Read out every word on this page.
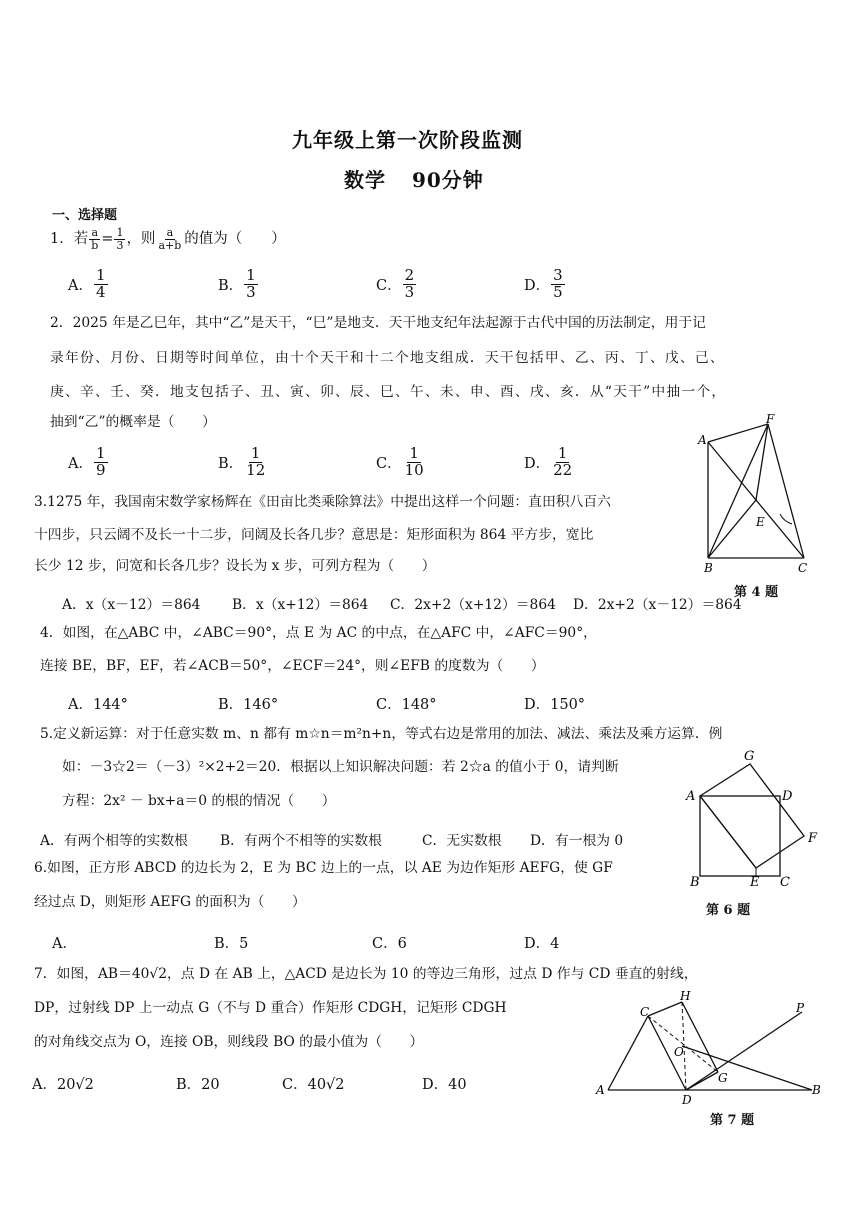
九年级上第一次阶段监测
数学 90分钟
一、选择题
1．若 $\frac{a}{b} = \frac{1}{3}$ ，则 $\frac{a}{a+b}$ 的值为（　　）
A． $\frac{1}{4}$	B． $\frac{1}{3}$	C． $\frac{2}{3}$	D． $\frac{3}{5}$
2．2025 年是乙巳年，其中“乙”是天干，“巳”是地支．天干地支纪年法起源于古代中国的历法制定，用于记
录年份、月份、日期等时间单位，由十个天干和十二个地支组成．天干包括甲、乙、丙、丁、戊、己、
庚、辛、壬、癸．地支包括子、丑、寅、卯、辰、巳、午、未、申、酉、戌、亥．从“天干”中抽一个，
抽到“乙”的概率是（　　）
A． $\frac{1}{9}$	B． $\frac{1}{12}$	C． $\frac{1}{10}$	D． $\frac{1}{22}$
A
F
E
B	C
第 4 题
3.1275 年，我国南宋数学家杨辉在《田亩比类乘除算法》中提出这样一个问题：直田积八百六
十四步，只云阔不及长一十二步，问阔及长各几步？意思是：矩形面积为 864 平方步，宽比
长少 12 步，问宽和长各几步？设长为 x 步，可列方程为（　　）
A．x（x－12）＝864 B．x（x+12）＝864 C．2x+2（x+12）＝864 D．2x+2（x－12）＝864
4．如图，在△ABC 中，∠ABC＝90°，点 E 为 AC 的中点，在△AFC 中，∠AFC＝90°，
连接 BE，BF，EF，若∠ACB＝50°，∠ECF＝24°，则∠EFB 的度数为（　　）
A．144°	B．146°	C．148°	D．150°
5.定义新运算：对于任意实数 m、n 都有 m☆n＝m²n+n，等式右边是常用的加法、减法、乘法及乘方运算．例
如：－3☆2＝（－3）²×2+2＝20．根据以上知识解决问题：若 2☆a 的值小于 0，请判断
方程：2x² － bx+a＝0 的根的情况（　　）
A．有两个相等的实数根 B．有两个不相等的实数根	C．无实数根 D．有一根为 0
G
A	D
F
B	E C
第 6 题
6.如图，正方形 ABCD 的边长为 2，E 为 BC 边上的一点，以 AE 为边作矩形 AEFG，使 GF
经过点 D，则矩形 AEFG 的面积为（　　）
A．	B．5	C．6	D．4
7．如图，AB＝40√2，点 D 在 AB 上，△ACD 是边长为 10 的等边三角形，过点 D 作与 CD 垂直的射线，
DP，过射线 DP 上一动点 G（不与 D 重合）作矩形 CDGH，记矩形 CDGH
的对角线交点为 O，连接 OB，则线段 BO 的最小值为（　　）
A．20√2	B．20	C．40√2	D．40
C
H
P
O
G
A
D
B
第 7 题
